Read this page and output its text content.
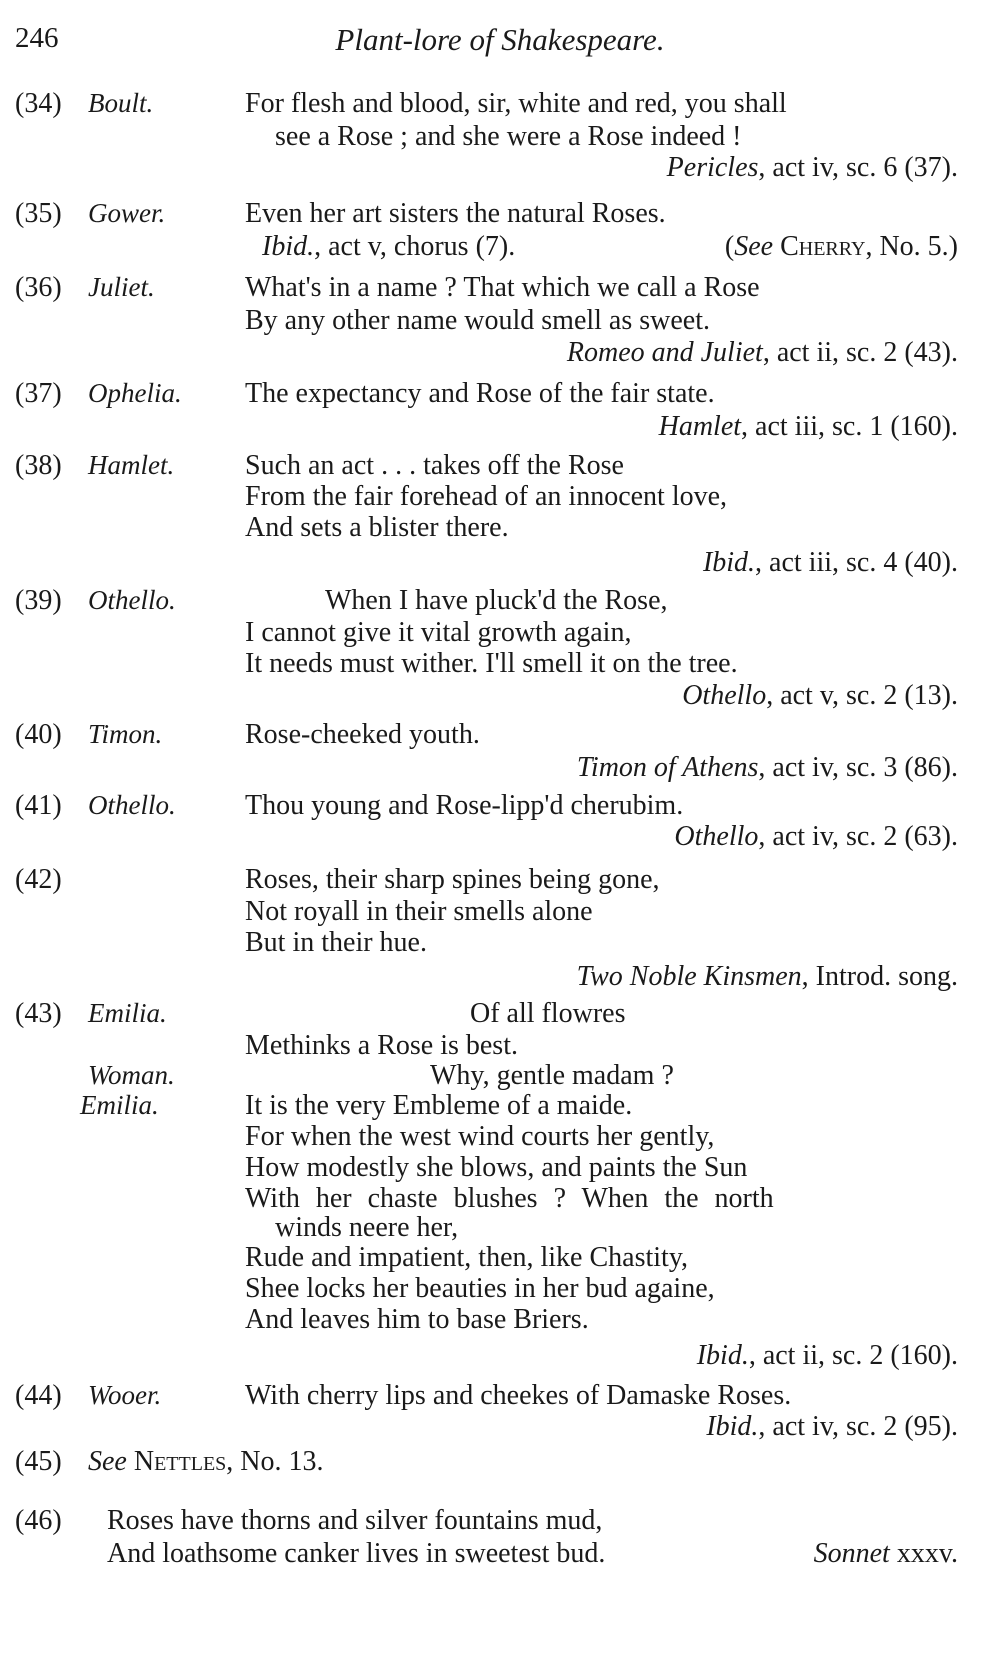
246	Plant-lore of Shakespeare.
(34) Boult.	For flesh and blood, sir, white and red, you shall
see a Rose ; and she were a Rose indeed !
Pericles, act iv, sc. 6 (37).
(35) Gower.	Even her art sisters the natural Roses.
Ibid., act v, chorus (7).	(See Cherry, No. 5.)
(36) Juliet.	What's in a name ? That which we call a Rose
By any other name would smell as sweet.
Romeo and Juliet, act ii, sc. 2 (43).
(37) Ophelia. The expectancy and Rose of the fair state.
Hamlet, act iii, sc. 1 (160).
(38) Hamlet.	Such an act . . . takes off the Rose
From the fair forehead of an innocent love,
And sets a blister there.
Ibid., act iii, sc. 4 (40).
(39) Othello.	When I have pluck'd the Rose,
I cannot give it vital growth again,
It needs must wither. I'll smell it on the tree.
Othello, act v, sc. 2 (13).
(40) Timon.	Rose-cheeked youth.
Timon of Athens, act iv, sc. 3 (86).
(41) Othello. Thou young and Rose-lipp'd cherubim.
Othello, act iv, sc. 2 (63).
(42)	Roses, their sharp spines being gone,
Not royall in their smells alone
But in their hue.
Two Noble Kinsmen, Introd. song.
(43) Emilia.	Of all flowres
Methinks a Rose is best.
Woman.	Why, gentle madam ?
Emilia.	It is the very Embleme of a maide.
For when the west wind courts her gently,
How modestly she blows, and paints the Sun
With her chaste blushes ? When the north
winds neere her,
Rude and impatient, then, like Chastity,
Shee locks her beauties in her bud againe,
And leaves him to base Briers.
Ibid., act ii, sc. 2 (160).
(44) Wooer.	With cherry lips and cheekes of Damaske Roses.
Ibid., act iv, sc. 2 (95).
(45) See Nettles, No. 13.
(46) Roses have thorns and silver fountains mud,
And loathsome canker lives in sweetest bud.	Sonnet xxxv.
